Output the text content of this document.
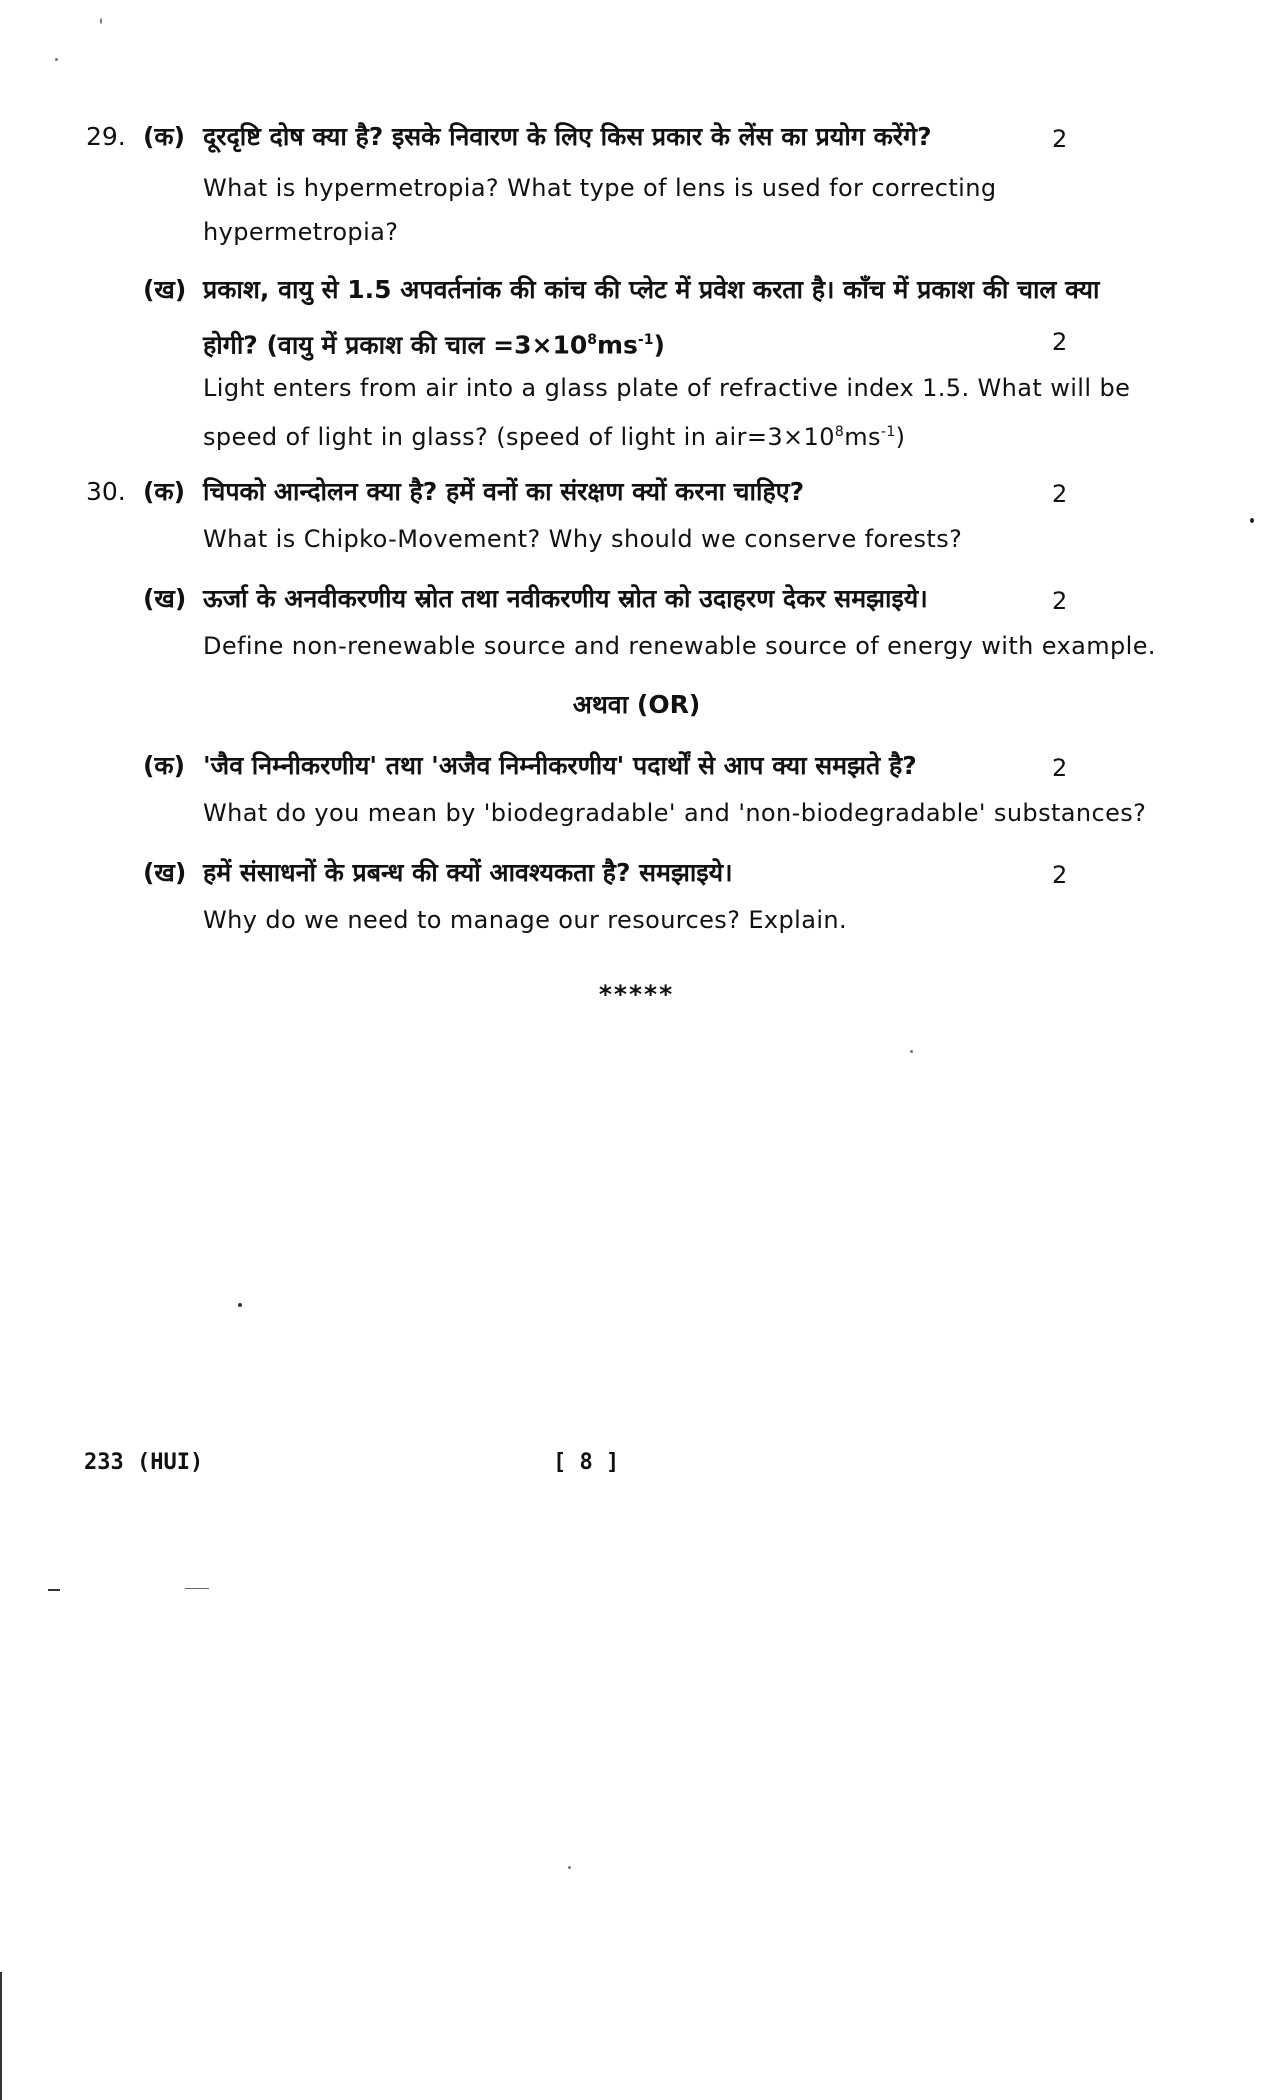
29. (क) दूरदृष्टि दोष क्या है? इसके निवारण के लिए किस प्रकार के लेंस का प्रयोग करेंगे?	2
What is hypermetropia? What type of lens is used for correcting
hypermetropia?
(ख) प्रकाश, वायु से 1.5 अपवर्तनांक की कांच की प्लेट में प्रवेश करता है। काँच में प्रकाश की चाल क्या
होगी? (वायु में प्रकाश की चाल $=3\times 10^8ms^{-1}$)	2
Light enters from air into a glass plate of refractive index 1.5. What will be
speed of light in glass? (speed of light in $air=3\times 10^8ms^{-1}$)
30. (क) चिपको आन्दोलन क्या है? हमें वनों का संरक्षण क्यों करना चाहिए?	2
What is Chipko-Movement? Why should we conserve forests?
(ख) ऊर्जा के अनवीकरणीय स्रोत तथा नवीकरणीय स्रोत को उदाहरण देकर समझाइये।	2
Define non-renewable source and renewable source of energy with example.
अथवा (OR)
(क) 'जैव निम्नीकरणीय' तथा 'अजैव निम्नीकरणीय' पदार्थों से आप क्या समझते है?	2
What do you mean by 'biodegradable' and 'non-biodegradable' substances?
(ख) हमें संसाधनों के प्रबन्ध की क्यों आवश्यकता है? समझाइये।	2
Why do we need to manage our resources? Explain.
*****
233 (HUI)	[ 8 ]
